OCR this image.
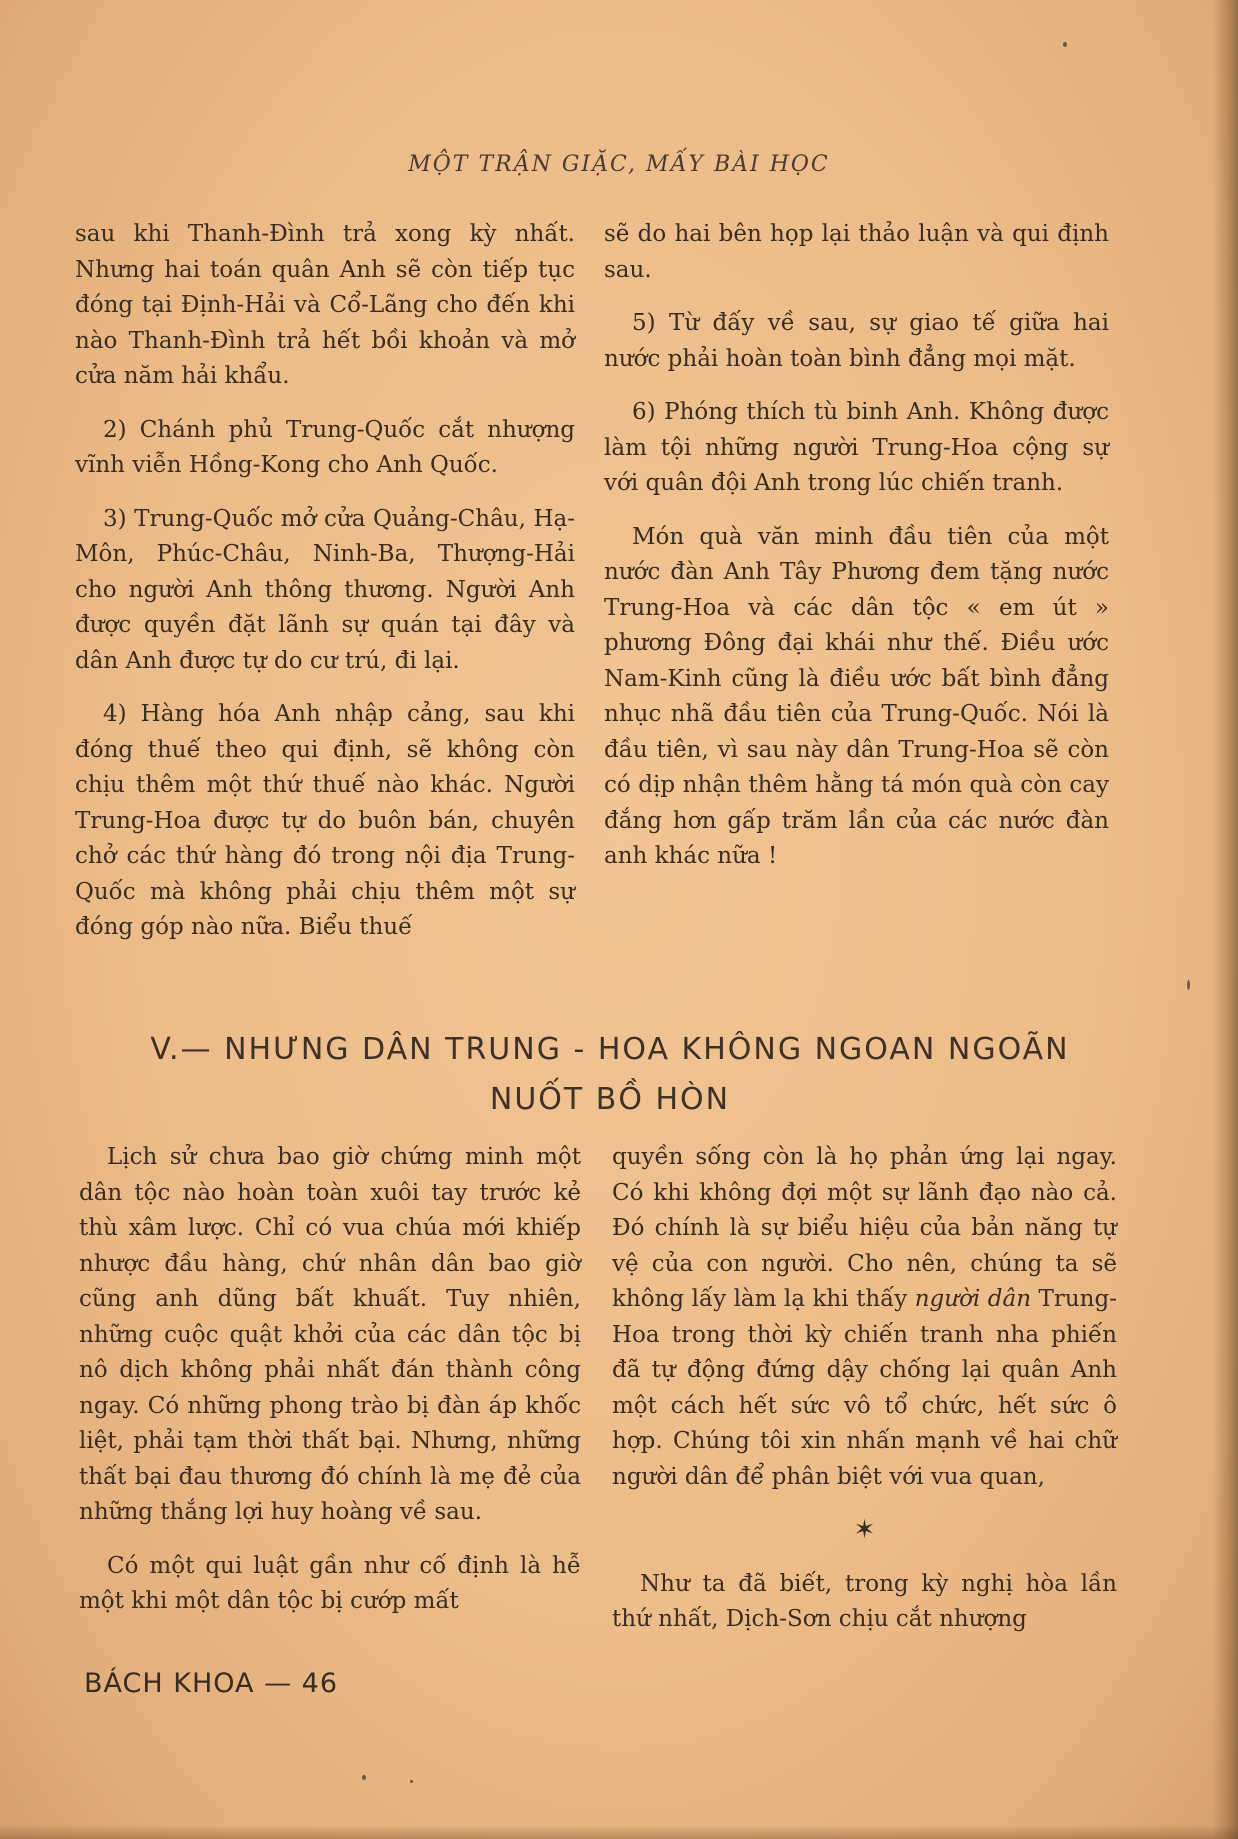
MỘT TRẬN GIẶC, MẤY BÀI HỌC

sau khi Thanh-Đình trả xong kỳ nhất. Nhưng hai toán quân Anh sẽ còn tiếp tục đóng tại Định-Hải và Cổ-Lãng cho đến khi nào Thanh-Đình trả hết bồi khoản và mở cửa năm hải khẩu.

2) Chánh phủ Trung-Quốc cắt nhượng vĩnh viễn Hồng-Kong cho Anh Quốc.

3) Trung-Quốc mở cửa Quảng-Châu, Hạ-Môn, Phúc-Châu, Ninh-Ba, Thượng-Hải cho người Anh thông thương. Người Anh được quyền đặt lãnh sự quán tại đây và dân Anh được tự do cư trú, đi lại.

4) Hàng hóa Anh nhập cảng, sau khi đóng thuế theo qui định, sẽ không còn chịu thêm một thứ thuế nào khác. Người Trung-Hoa được tự do buôn bán, chuyên chở các thứ hàng đó trong nội địa Trung-Quốc mà không phải chịu thêm một sự đóng góp nào nữa. Biểu thuế

sẽ do hai bên họp lại thảo luận và qui định sau.

5) Từ đấy về sau, sự giao tế giữa hai nước phải hoàn toàn bình đẳng mọi mặt.

6) Phóng thích tù binh Anh. Không được làm tội những người Trung-Hoa cộng sự với quân đội Anh trong lúc chiến tranh.

Món quà văn minh đầu tiên của một nước đàn Anh Tây Phương đem tặng nước Trung-Hoa và các dân tộc « em út » phương Đông đại khái như thế. Điều ước Nam-Kinh cũng là điều ước bất bình đẳng nhục nhã đầu tiên của Trung-Quốc. Nói là đầu tiên, vì sau này dân Trung-Hoa sẽ còn có dịp nhận thêm hằng tá món quà còn cay đắng hơn gấp trăm lần của các nước đàn anh khác nữa !

V.— NHƯNG DÂN TRUNG - HOA KHÔNG NGOAN NGOÃN
NUỐT BỒ HÒN

Lịch sử chưa bao giờ chứng minh một dân tộc nào hoàn toàn xuôi tay trước kẻ thù xâm lược. Chỉ có vua chúa mới khiếp nhược đầu hàng, chứ nhân dân bao giờ cũng anh dũng bất khuất. Tuy nhiên, những cuộc quật khởi của các dân tộc bị nô dịch không phải nhất đán thành công ngay. Có những phong trào bị đàn áp khốc liệt, phải tạm thời thất bại. Nhưng, những thất bại đau thương đó chính là mẹ đẻ của những thắng lợi huy hoàng về sau.

Có một qui luật gần như cố định là hễ một khi một dân tộc bị cướp mất

quyền sống còn là họ phản ứng lại ngay. Có khi không đợi một sự lãnh đạo nào cả. Đó chính là sự biểu hiệu của bản năng tự vệ của con người. Cho nên, chúng ta sẽ không lấy làm lạ khi thấy người dân Trung-Hoa trong thời kỳ chiến tranh nha phiến đã tự động đứng dậy chống lại quân Anh một cách hết sức vô tổ chức, hết sức ô hợp. Chúng tôi xin nhấn mạnh về hai chữ người dân để phân biệt với vua quan,

✶

Như ta đã biết, trong kỳ nghị hòa lần thứ nhất, Dịch-Sơn chịu cắt nhượng

BÁCH KHOA — 46
